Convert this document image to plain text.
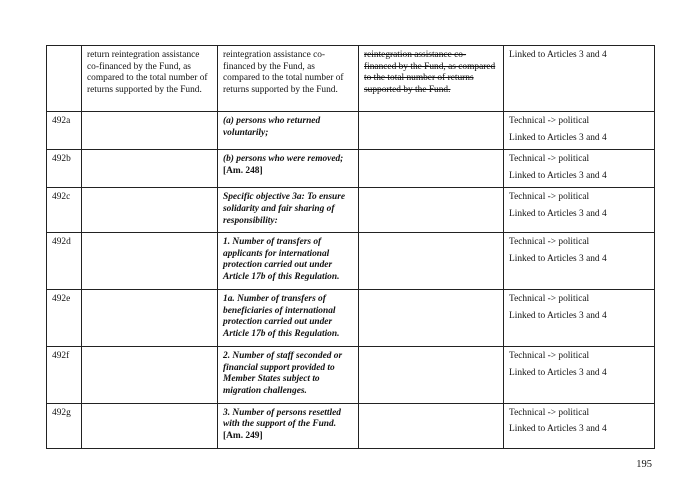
	return reintegration assistance co-financed by the Fund, as compared to the total number of returns supported by the Fund.	reintegration assistance co-financed by the Fund, as compared to the total number of returns supported by the Fund.	reintegration assistance co-financed by the Fund, as compared to the total number of returns supported by the Fund.	Linked to Articles 3 and 4

492a		(a) persons who returned voluntarily;		Technical -> political
Linked to Articles 3 and 4

492b		(b) persons who were removed; [Am. 248]		Technical -> political
Linked to Articles 3 and 4

492c		Specific objective 3a: To ensure solidarity and fair sharing of responsibility:		Technical -> political
Linked to Articles 3 and 4

492d		1. Number of transfers of applicants for international protection carried out under Article 17b of this Regulation.		Technical -> political
Linked to Articles 3 and 4

492e		1a. Number of transfers of beneficiaries of international protection carried out under Article 17b of this Regulation.		Technical -> political
Linked to Articles 3 and 4

492f		2. Number of staff seconded or financial support provided to Member States subject to migration challenges.		Technical -> political
Linked to Articles 3 and 4

492g		3. Number of persons resettled with the support of the Fund. [Am. 249]		Technical -> political
Linked to Articles 3 and 4
195
